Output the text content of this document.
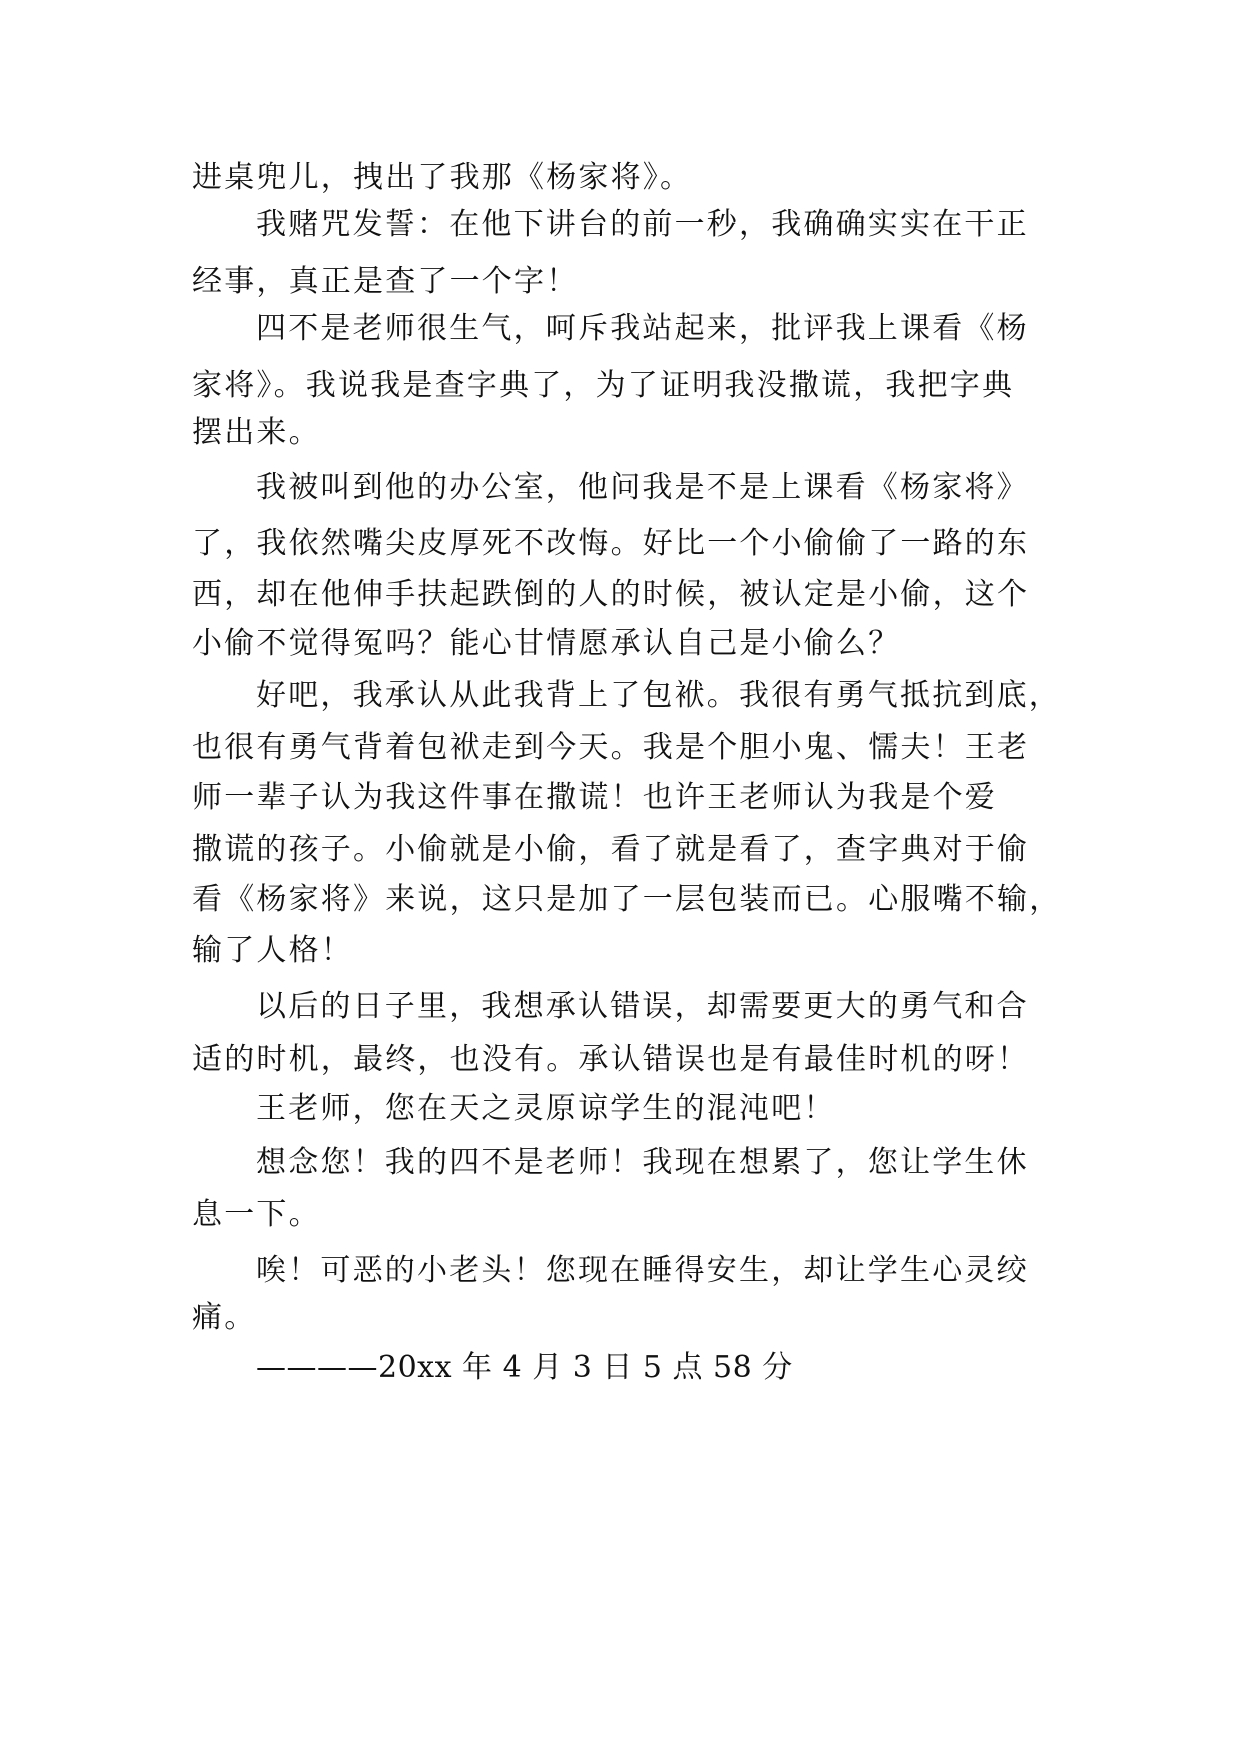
进桌兜儿，拽出了我那《杨家将》。
我赌咒发誓：在他下讲台的前一秒，我确确实实在干正
经事，真正是查了一个字！
四不是老师很生气，呵斥我站起来，批评我上课看《杨
家将》。我说我是查字典了，为了证明我没撒谎，我把字典
摆出来。
我被叫到他的办公室，他问我是不是上课看《杨家将》
了，我依然嘴尖皮厚死不改悔。好比一个小偷偷了一路的东
西，却在他伸手扶起跌倒的人的时候，被认定是小偷，这个
小偷不觉得冤吗？能心甘情愿承认自己是小偷么？
好吧，我承认从此我背上了包袱。我很有勇气抵抗到底，
也很有勇气背着包袱走到今天。我是个胆小鬼、懦夫！王老
师一辈子认为我这件事在撒谎！也许王老师认为我是个爱
撒谎的孩子。小偷就是小偷，看了就是看了，查字典对于偷
看《杨家将》来说，这只是加了一层包装而已。心服嘴不输，
输了人格！
以后的日子里，我想承认错误，却需要更大的勇气和合
适的时机，最终，也没有。承认错误也是有最佳时机的呀！
王老师，您在天之灵原谅学生的混沌吧！
想念您！我的四不是老师！我现在想累了，您让学生休
息一下。
唉！可恶的小老头！您现在睡得安生，却让学生心灵绞
痛。
————20xx 年 4 月 3 日 5 点 58 分
